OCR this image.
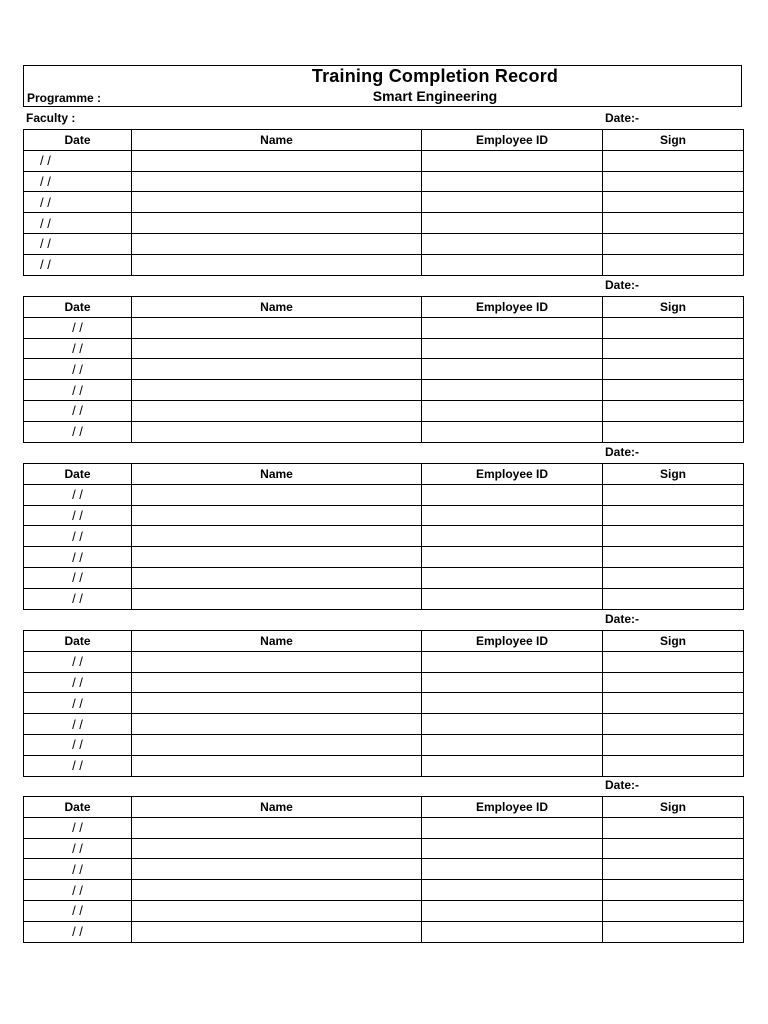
Training Completion Record
Smart Engineering
Programme :
Faculty :	Date:-
Date	Name	Employee ID	Sign
/ /			
/ /			
/ /			
/ /			
/ /			
/ /			
Date:-
Date	Name	Employee ID	Sign
/ /			
/ /			
/ /			
/ /			
/ /			
/ /			
Date:-
Date	Name	Employee ID	Sign
/ /			
/ /			
/ /			
/ /			
/ /			
/ /			
Date:-
Date	Name	Employee ID	Sign
/ /			
/ /			
/ /			
/ /			
/ /			
/ /			
Date:-
Date	Name	Employee ID	Sign
/ /			
/ /			
/ /			
/ /			
/ /			
/ /			
